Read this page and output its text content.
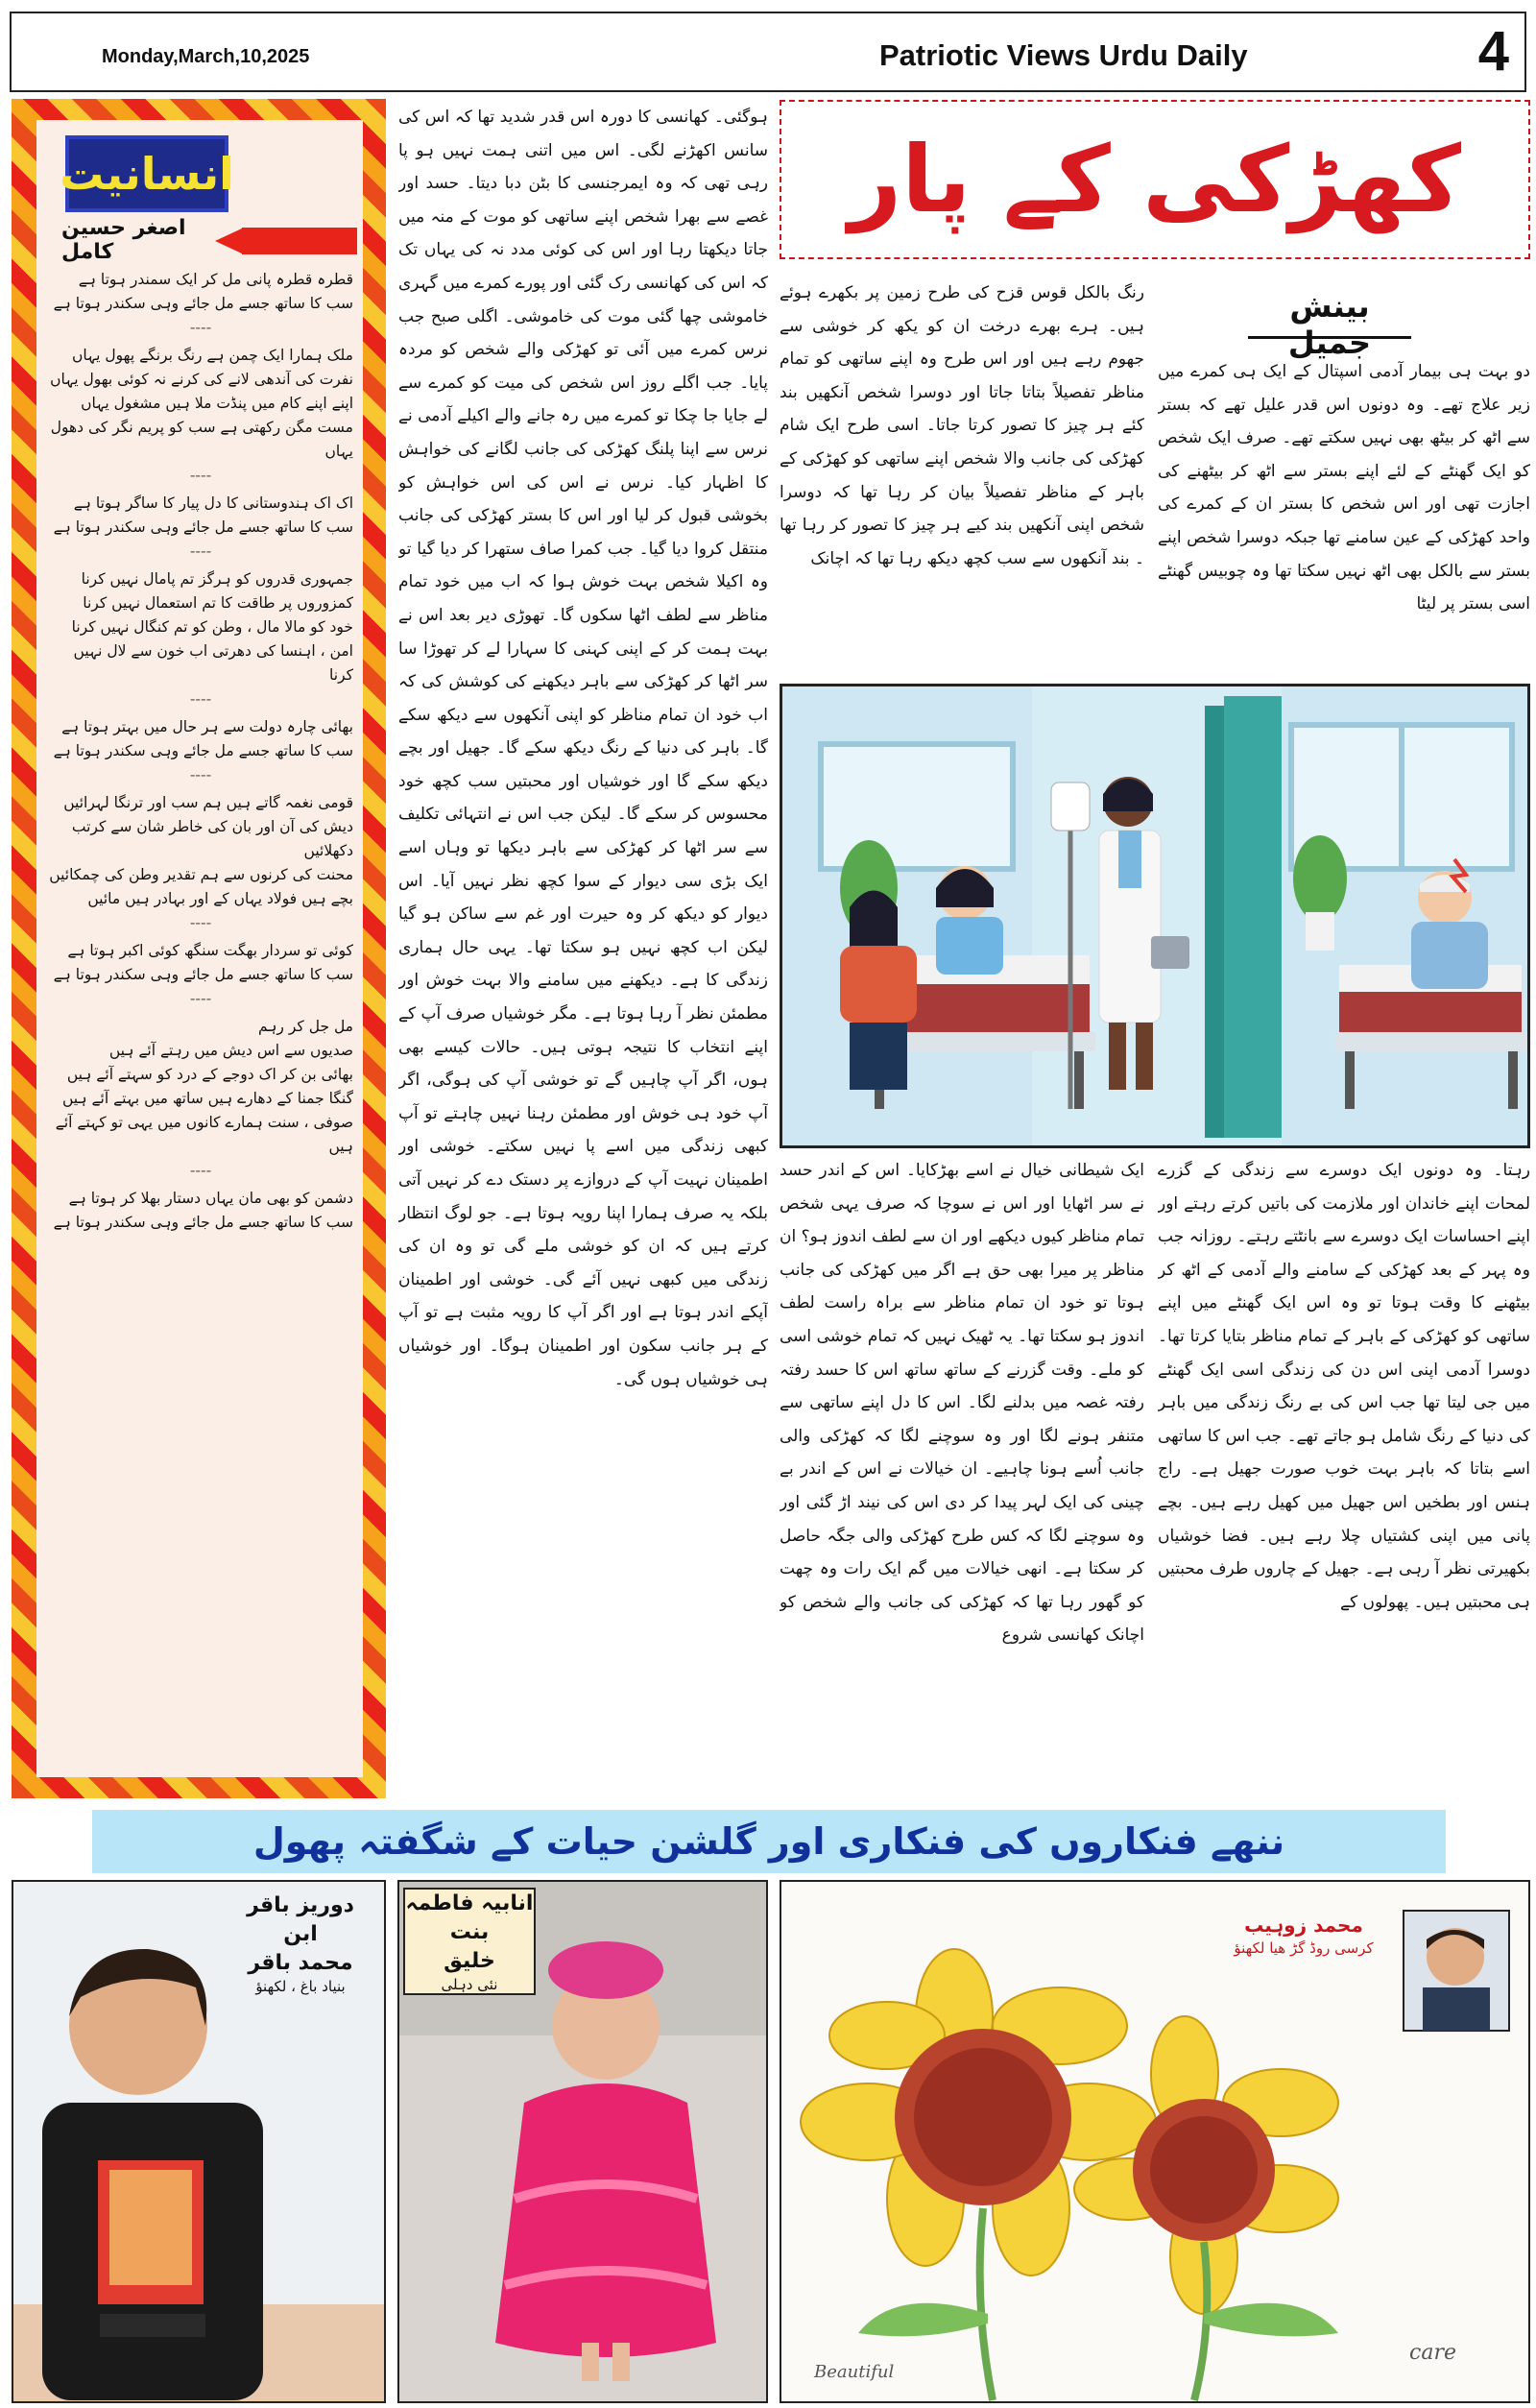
Monday,March,10,2025	Patriotic Views Urdu Daily	4
انسانیت
اصغر حسین کامل
قطرہ قطرہ پانی مل کر ایک سمندر ہوتا ہے
سب کا ساتھ جسے مل جائے وہی سکندر ہوتا ہے
----
ملک ہمارا ایک چمن ہے رنگ برنگے پھول یہاں
نفرت کی آندھی لانے کی کرنے نہ کوئی بھول یہاں
اپنے اپنے کام میں پنڈت ملا ہیں مشغول یہاں
مست مگن رکھتی ہے سب کو پریم نگر کی دھول یہاں
----
اک اک ہندوستانی کا دل پیار کا ساگر ہوتا ہے
سب کا ساتھ جسے مل جائے وہی سکندر ہوتا ہے
----
جمہوری قدروں کو ہرگز تم پامال نہیں کرنا
کمزوروں پر طاقت کا تم استعمال نہیں کرنا
خود کو مالا مال ، وطن کو تم کنگال نہیں کرنا
امن ، اہنسا کی دھرتی اب خون سے لال نہیں کرنا
----
بھائی چارہ دولت سے ہر حال میں بہتر ہوتا ہے
سب کا ساتھ جسے مل جائے وہی سکندر ہوتا ہے
----
قومی نغمہ گاتے ہیں ہم سب اور ترنگا لہرائیں
دیش کی آن اور بان کی خاطر شان سے کرتب دکھلائیں
محنت کی کرنوں سے ہم تقدیر وطن کی چمکائیں
بچے ہیں فولاد یہاں کے اور بہادر ہیں مائیں
----
کوئی تو سردار بھگت سنگھ کوئی اکبر ہوتا ہے
سب کا ساتھ جسے مل جائے وہی سکندر ہوتا ہے
----
مل جل کر رہم
صدیوں سے اس دیش میں رہتے آئے ہیں
بھائی بن کر اک دوجے کے درد کو سہتے آئے ہیں
گنگا جمنا کے دھارے ہیں ساتھ میں بہتے آئے ہیں
صوفی ، سنت ہمارے کانوں میں یہی تو کہتے آئے ہیں
----
دشمن کو بھی مان یہاں دستار بھلا کر ہوتا ہے
سب کا ساتھ جسے مل جائے وہی سکندر ہوتا ہے
ہوگئی۔ کھانسی کا دورہ اس قدر شدید تھا کہ اس کی سانس اکھڑنے لگی۔ اس میں اتنی ہمت نہیں ہو پا رہی تھی کہ وہ ایمرجنسی کا بٹن دبا دیتا۔ حسد اور غصے سے بھرا شخص اپنے ساتھی کو موت کے منہ میں جاتا دیکھتا رہا اور اس کی کوئی مدد نہ کی یہاں تک کہ اس کی کھانسی رک گئی اور پورے کمرے میں گہری خاموشی چھا گئی موت کی خاموشی۔ اگلی صبح جب نرس کمرے میں آئی تو کھڑکی والے شخص کو مردہ پایا۔ جب اگلے روز اس شخص کی میت کو کمرے سے لے جایا جا چکا تو کمرے میں رہ جانے والے اکیلے آدمی نے نرس سے اپنا پلنگ کھڑکی کی جانب لگانے کی خواہش کا اظہار کیا۔ نرس نے اس کی اس خواہش کو بخوشی قبول کر لیا اور اس کا بستر کھڑکی کی جانب منتقل کروا دیا گیا۔ جب کمرا صاف ستھرا کر دیا گیا تو وہ اکیلا شخص بہت خوش ہوا کہ اب میں خود تمام مناظر سے لطف اٹھا سکوں گا۔ تھوڑی دیر بعد اس نے بہت ہمت کر کے اپنی کہنی کا سہارا لے کر تھوڑا سا سر اٹھا کر کھڑکی سے باہر دیکھنے کی کوشش کی کہ اب خود ان تمام مناظر کو اپنی آنکھوں سے دیکھ سکے گا۔ باہر کی دنیا کے رنگ دیکھ سکے گا۔ جھیل اور بچے دیکھ سکے گا اور خوشیاں اور محبتیں سب کچھ خود محسوس کر سکے گا۔ لیکن جب اس نے انتہائی تکلیف سے سر اٹھا کر کھڑکی سے باہر دیکھا تو وہاں اسے ایک بڑی سی دیوار کے سوا کچھ نظر نہیں آیا۔ اس دیوار کو دیکھ کر وہ حیرت اور غم سے ساکن ہو گیا لیکن اب کچھ نہیں ہو سکتا تھا۔ یہی حال ہماری زندگی کا ہے۔ دیکھنے میں سامنے والا بہت خوش اور مطمئن نظر آ رہا ہوتا ہے۔ مگر خوشیاں صرف آپ کے اپنے انتخاب کا نتیجہ ہوتی ہیں۔ حالات کیسے بھی ہوں، اگر آپ چاہیں گے تو خوشی آپ کی ہوگی، اگر آپ خود ہی خوش اور مطمئن رہنا نہیں چاہتے تو آپ کبھی زندگی میں اسے پا نہیں سکتے۔ خوشی اور اطمینان نہیت آپ کے دروازے پر دستک دے کر نہیں آتی بلکہ یہ صرف ہمارا اپنا رویہ ہوتا ہے۔ جو لوگ انتظار کرتے ہیں کہ ان کو خوشی ملے گی تو وہ ان کی زندگی میں کبھی نہیں آئے گی۔ خوشی اور اطمینان آپکے اندر ہوتا ہے اور اگر آپ کا رویہ مثبت ہے تو آپ کے ہر جانب سکون اور اطمینان ہوگا۔ اور خوشیاں ہی خوشیاں ہوں گی۔
کھڑکی کے پار
بینش جمیل
دو بہت ہی بیمار آدمی اسپتال کے ایک ہی کمرے میں زیر علاج تھے۔ وہ دونوں اس قدر علیل تھے کہ بستر سے اٹھ کر بیٹھ بھی نہیں سکتے تھے۔ صرف ایک شخص کو ایک گھنٹے کے لئے اپنے بستر سے اٹھ کر بیٹھنے کی اجازت تھی اور اس شخص کا بستر ان کے کمرے کی واحد کھڑکی کے عین سامنے تھا جبکہ دوسرا شخص اپنے بستر سے بالکل بھی اٹھ نہیں سکتا تھا وہ چوبیس گھنٹے اسی بستر پر لیٹا
رنگ بالکل قوس قزح کی طرح زمین پر بکھرے ہوئے ہیں۔ ہرے بھرے درخت ان کو یکھ کر خوشی سے جھوم رہے ہیں اور اس طرح وہ اپنے ساتھی کو تمام مناظر تفصیلاً بتاتا جاتا اور دوسرا شخص آنکھیں بند کئے ہر چیز کا تصور کرتا جاتا۔ اسی طرح ایک شام کھڑکی کی جانب والا شخص اپنے ساتھی کو کھڑکی کے باہر کے مناظر تفصیلاً بیان کر رہا تھا کہ دوسرا شخص اپنی آنکھیں بند کیے ہر چیز کا تصور کر رہا تھا ۔ بند آنکھوں سے سب کچھ دیکھ رہا تھا کہ اچانک
رہتا۔ وہ دونوں ایک دوسرے سے زندگی کے گزرے لمحات اپنے خاندان اور ملازمت کی باتیں کرتے رہتے اور اپنے احساسات ایک دوسرے سے بانٹتے رہتے۔ روزانہ جب وہ پہر کے بعد کھڑکی کے سامنے والے آدمی کے اٹھ کر بیٹھنے کا وقت ہوتا تو وہ اس ایک گھنٹے میں اپنے ساتھی کو کھڑکی کے باہر کے تمام مناظر بتایا کرتا تھا۔ دوسرا آدمی اپنی اس دن کی زندگی اسی ایک گھنٹے میں جی لیتا تھا جب اس کی بے رنگ زندگی میں باہر کی دنیا کے رنگ شامل ہو جاتے تھے۔ جب اس کا ساتھی اسے بتاتا کہ باہر بہت خوب صورت جھیل ہے۔ راج ہنس اور بطخیں اس جھیل میں کھیل رہے ہیں۔ بچے پانی میں اپنی کشتیاں چلا رہے ہیں۔ فضا خوشیاں بکھیرتی نظر آ رہی ہے۔ جھیل کے چاروں طرف محبتیں ہی محبتیں ہیں۔ پھولوں کے
ایک شیطانی خیال نے اسے بھڑکایا۔ اس کے اندر حسد نے سر اٹھایا اور اس نے سوچا کہ صرف یہی شخص تمام مناظر کیوں دیکھے اور ان سے لطف اندوز ہو؟ ان مناظر پر میرا بھی حق ہے اگر میں کھڑکی کی جانب ہوتا تو خود ان تمام مناظر سے براہ راست لطف اندوز ہو سکتا تھا۔ یہ ٹھیک نہیں کہ تمام خوشی اسی کو ملے۔ وقت گزرنے کے ساتھ ساتھ اس کا حسد رفتہ رفتہ غصہ میں بدلنے لگا۔ اس کا دل اپنے ساتھی سے متنفر ہونے لگا اور وہ سوچنے لگا کہ کھڑکی والی جانب اُسے ہونا چاہیے۔ ان خیالات نے اس کے اندر بے چینی کی ایک لہر پیدا کر دی اس کی نیند اڑ گئی اور وہ سوچنے لگا کہ کس طرح کھڑکی والی جگہ حاصل کر سکتا ہے۔ انھی خیالات میں گم ایک رات وہ چھت کو گھور رہا تھا کہ کھڑکی کی جانب والے شخص کو اچانک کھانسی شروع
ننھے فنکاروں کی فنکاری اور گلشن حیات کے شگفتہ پھول
دوریز باقر
ابن
محمد باقر
بنیاد باغ ، لکھنؤ
انابیہ فاطمہ
بنت
خلیق
نئی دہلی
Beautiful
care
محمد زوہیب
کرسی روڈ گڑ ھیا لکھنؤ
